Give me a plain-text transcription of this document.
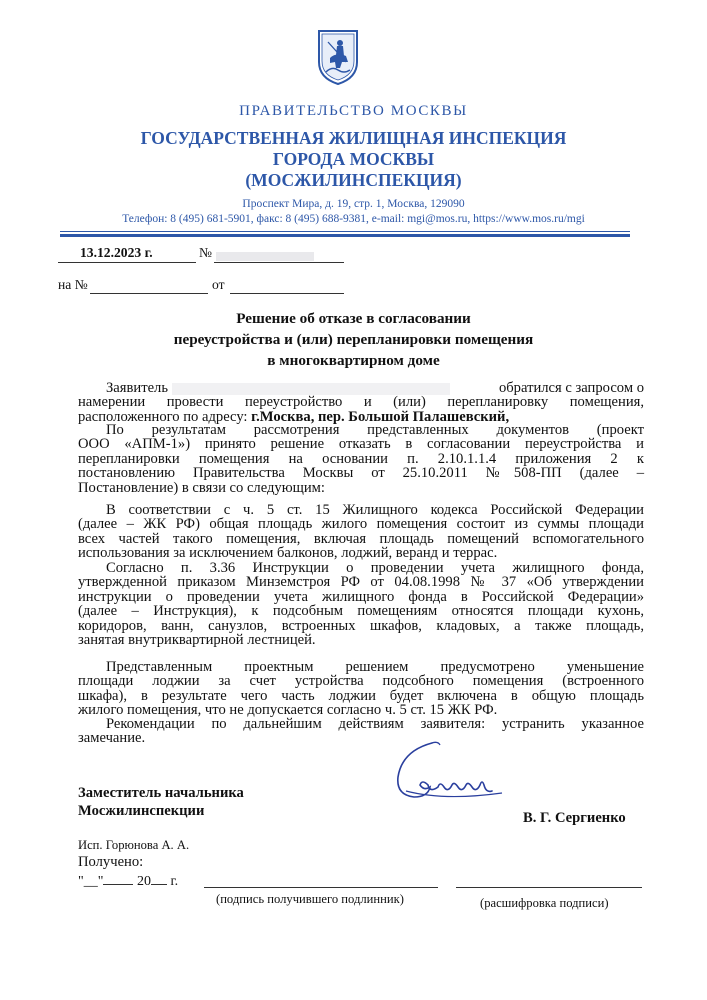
ПРАВИТЕЛЬСТВО МОСКВЫ
ГОСУДАРСТВЕННАЯ ЖИЛИЩНАЯ ИНСПЕКЦИЯ
ГОРОДА МОСКВЫ
(МОСЖИЛИНСПЕКЦИЯ)
Проспект Мира, д. 19, стр. 1, Москва, 129090
Телефон: 8 (495) 681-5901, факс: 8 (495) 688-9381, e-mail: mgi@mos.ru, https://www.mos.ru/mgi
13.12.2023 г.	№
на №	от
Решение об отказе в согласовании
переустройства и (или) перепланировки помещения
в многоквартирном доме
Заявитель	обратился с запросом о
намерении провести переустройство и (или) перепланировку помещения,
расположенного по адресу: г.Москва, пер. Большой Палашевский,
По результатам рассмотрения представленных документов (проект
ООО «АПМ-1») принято решение отказать в согласовании переустройства и
перепланировки помещения на основании п. 2.10.1.1.4 приложения 2 к
постановлению Правительства Москвы от 25.10.2011 №508-ПП (далее –
Постановление) в связи со следующим:
В соответствии с ч. 5 ст. 15 Жилищного кодекса Российской Федерации
(далее – ЖК РФ) общая площадь жилого помещения состоит из суммы площади
всех частей такого помещения, включая площадь помещений вспомогательного
использования за исключением балконов, лоджий, веранд и террас.
Согласно п. 3.36 Инструкции о проведении учета жилищного фонда,
утвержденной приказом Минземстроя РФ от 04.08.1998 № 37 «Об утверждении
инструкции о проведении учета жилищного фонда в Российской Федерации»
(далее – Инструкция), к подсобным помещениям относятся площади кухонь,
коридоров, ванн, санузлов, встроенных шкафов, кладовых, а также площадь,
занятая внутриквартирной лестницей.
Представленным проектным решением предусмотрено уменьшение
площади лоджии за счет устройства подсобного помещения (встроенного
шкафа), в результате чего часть лоджии будет включена в общую площадь
жилого помещения, что не допускается согласно ч. 5 ст. 15 ЖК РФ.
Рекомендации по дальнейшим действиям заявителя: устранить указанное
замечание.
Заместитель начальника
Мосжилинспекции	В. Г. Сергиенко
Исп. Горюнова А. А.
Получено:
"__" 20 г.
(подпись получившего подлинник)	(расшифровка подписи)
